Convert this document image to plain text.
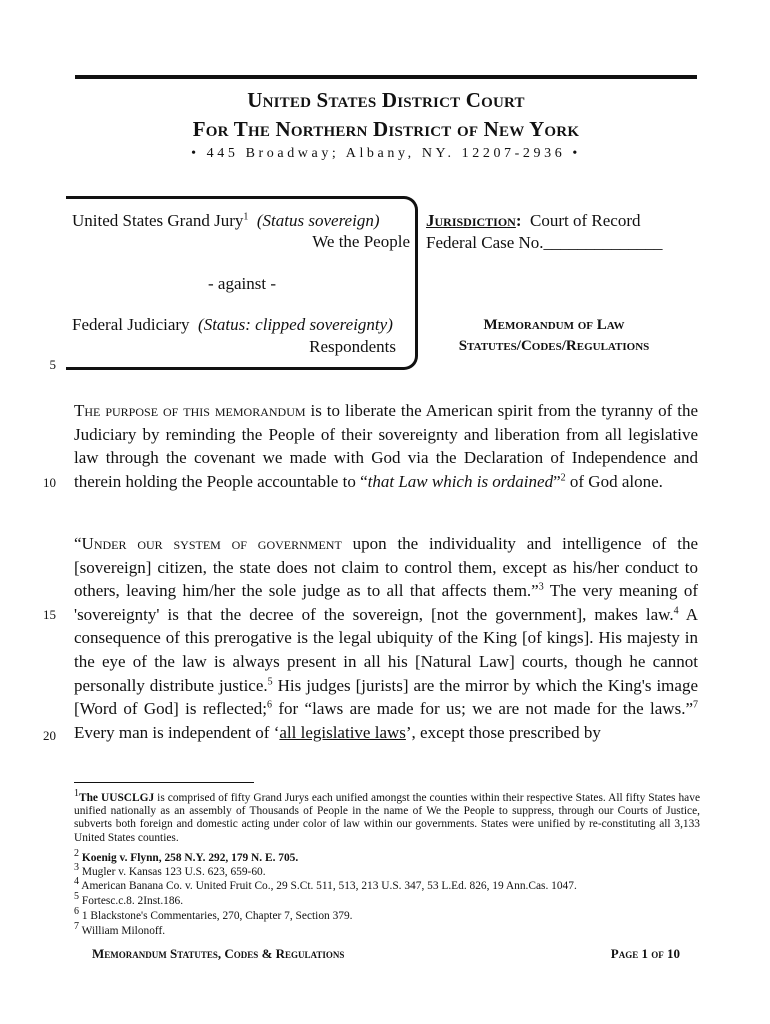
United States District Court
For The Northern District of New York
• 445 Broadway; Albany, NY. 12207-2936 •
United States Grand Jury$^1$ (Status sovereign)
We the People
- against -
Federal Judiciary (Status: clipped sovereignty)
Respondents
Jurisdiction: Court of Record
Federal Case No.______________
Memorandum of Law
Statutes/Codes/Regulations
5
10
15
20
The purpose of this memorandum is to liberate the American spirit from the tyranny of the Judiciary by reminding the People of their sovereignty and liberation from all legislative law through the covenant we made with God via the Declaration of Independence and therein holding the People accountable to “that Law which is ordained”$^2$ of God alone.
“Under our system of government upon the individuality and intelligence of the [sovereign] citizen, the state does not claim to control them, except as his/her conduct to others, leaving him/her the sole judge as to all that affects them.”$^3$ The very meaning of 'sovereignty' is that the decree of the sovereign, [not the government], makes law.$^4$ A consequence of this prerogative is the legal ubiquity of the King [of kings]. His majesty in the eye of the law is always present in all his [Natural Law] courts, though he cannot personally distribute justice.$^5$ His judges [jurists] are the mirror by which the King's image [Word of God] is reflected;$^6$ for “laws are made for us; we are not made for the laws.”$^7$ Every man is independent of ‘all legislative laws’, except those prescribed by
$^1$The UUSCLGJ is comprised of fifty Grand Jurys each unified amongst the counties within their respective States. All fifty States have unified nationally as an assembly of Thousands of People in the name of We the People to suppress, through our Courts of Justice, subverts both foreign and domestic acting under color of law within our governments. States were unified by re-constituting all 3,133 United States counties.
$^2$ Koenig v. Flynn, 258 N.Y. 292, 179 N. E. 705.
$^3$ Mugler v. Kansas 123 U.S. 623, 659-60.
$^4$ American Banana Co. v. United Fruit Co., 29 S.Ct. 511, 513, 213 U.S. 347, 53 L.Ed. 826, 19 Ann.Cas. 1047.
$^5$ Fortesc.c.8. 2Inst.186.
$^6$ 1 Blackstone's Commentaries, 270, Chapter 7, Section 379.
$^7$ William Milonoff.
Memorandum Statutes, Codes & Regulations	Page 1 of 10
